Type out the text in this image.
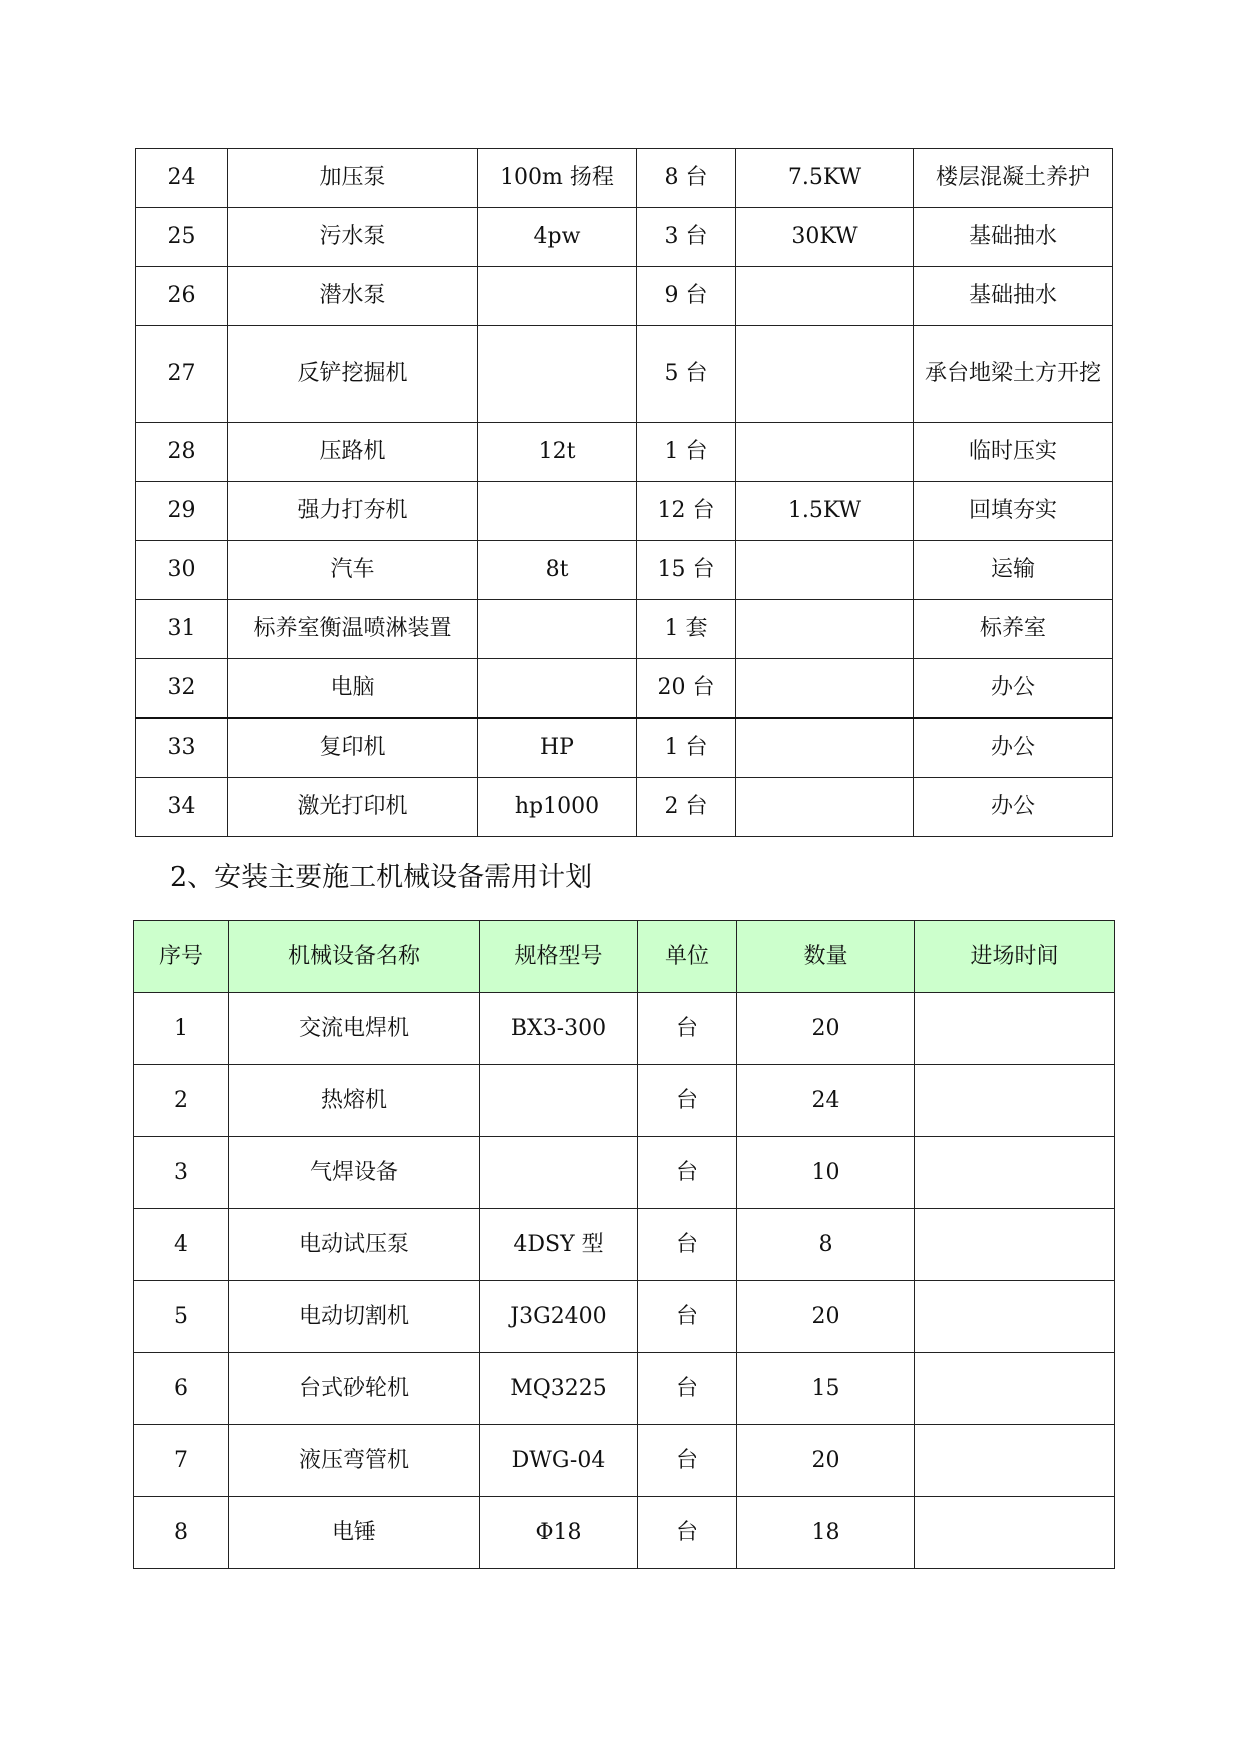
24	加压泵	100m 扬程	8 台	7.5KW	楼层混凝土养护
25	污水泵	4pw	3 台	30KW	基础抽水
26	潜水泵		9 台		基础抽水
27	反铲挖掘机		5 台		承台地梁土方开挖
28	压路机	12t	1 台		临时压实
29	强力打夯机		12 台	1.5KW	回填夯实
30	汽车	8t	15 台		运输
31	标养室衡温喷淋装置		1 套		标养室
32	电脑		20 台		办公
33	复印机	HP	1 台		办公
34	激光打印机	hp1000	2 台		办公
2、安装主要施工机械设备需用计划
序号	机械设备名称	规格型号	单位	数量	进场时间
1	交流电焊机	BX3-300	台	20	
2	热熔机		台	24	
3	气焊设备		台	10	
4	电动试压泵	4DSY 型	台	8	
5	电动切割机	J3G2400	台	20	
6	台式砂轮机	MQ3225	台	15	
7	液压弯管机	DWG-04	台	20	
8	电锤	Φ18	台	18	
